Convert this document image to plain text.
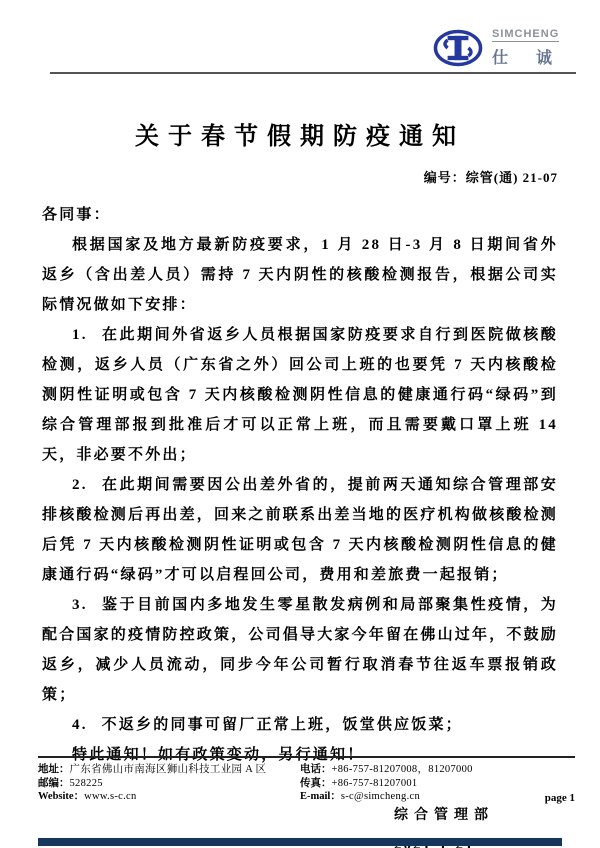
SIMCHENG
仕 诚
关于春节假期防疫通知
编号：综管(通) 21-07

各同事：

根据国家及地方最新防疫要求，1 月 28 日-3 月 8 日期间省外返乡（含出差人员）需持 7 天内阴性的核酸检测报告，根据公司实际情况做如下安排：

1. 在此期间外省返乡人员根据国家防疫要求自行到医院做核酸检测，返乡人员（广东省之外）回公司上班的也要凭 7 天内核酸检测阴性证明或包含 7 天内核酸检测阴性信息的健康通行码“绿码”到综合管理部报到批准后才可以正常上班，而且需要戴口罩上班 14 天，非必要不外出；

2. 在此期间需要因公出差外省的，提前两天通知综合管理部安排核酸检测后再出差，回来之前联系出差当地的医疗机构做核酸检测后凭 7 天内核酸检测阴性证明或包含 7 天内核酸检测阴性信息的健康通行码“绿码”才可以启程回公司，费用和差旅费一起报销；

3. 鉴于目前国内多地发生零星散发病例和局部聚集性疫情，为配合国家的疫情防控政策，公司倡导大家今年留在佛山过年，不鼓励返乡，减少人员流动，同步今年公司暂行取消春节往返车票报销政策；

4. 不返乡的同事可留厂正常上班，饭堂供应饭菜；

特此通知！如有政策变动，另行通知！

综合管理部
地址：广东省佛山市南海区狮山科技工业园 A 区
邮编：528225
Website：www.s-c.cn
电话：+86-757-81207008，81207000
传真：+86-757-81207001
E-mail：s-c@simcheng.cn	page 1
